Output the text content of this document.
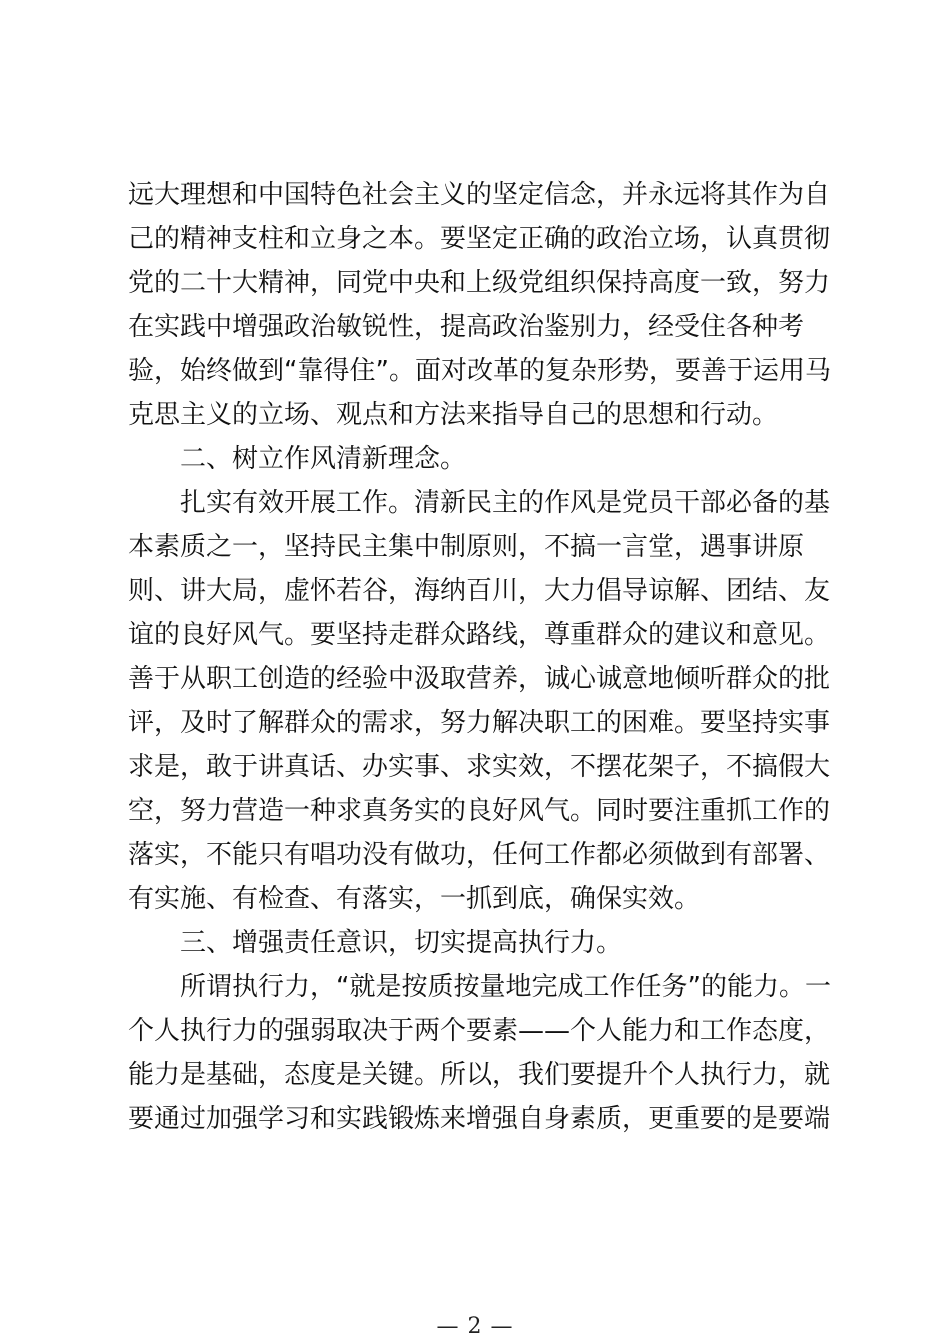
远大理想和中国特色社会主义的坚定信念，并永远将其作为自
己的精神支柱和立身之本。要坚定正确的政治立场，认真贯彻
党的二十大精神，同党中央和上级党组织保持高度一致，努力
在实践中增强政治敏锐性，提高政治鉴别力，经受住各种考
验，始终做到“靠得住”。面对改革的复杂形势，要善于运用马
克思主义的立场、观点和方法来指导自己的思想和行动。
二、树立作风清新理念。
扎实有效开展工作。清新民主的作风是党员干部必备的基
本素质之一，坚持民主集中制原则，不搞一言堂，遇事讲原
则、讲大局，虚怀若谷，海纳百川，大力倡导谅解、团结、友
谊的良好风气。要坚持走群众路线，尊重群众的建议和意见。
善于从职工创造的经验中汲取营养，诚心诚意地倾听群众的批
评，及时了解群众的需求，努力解决职工的困难。要坚持实事
求是，敢于讲真话、办实事、求实效，不摆花架子，不搞假大
空，努力营造一种求真务实的良好风气。同时要注重抓工作的
落实，不能只有唱功没有做功，任何工作都必须做到有部署、
有实施、有检查、有落实，一抓到底，确保实效。
三、增强责任意识，切实提高执行力。
所谓执行力，“就是按质按量地完成工作任务”的能力。一
个人执行力的强弱取决于两个要素——个人能力和工作态度，
能力是基础，态度是关键。所以，我们要提升个人执行力，就
要通过加强学习和实践锻炼来增强自身素质，更重要的是要端
— 2 —
